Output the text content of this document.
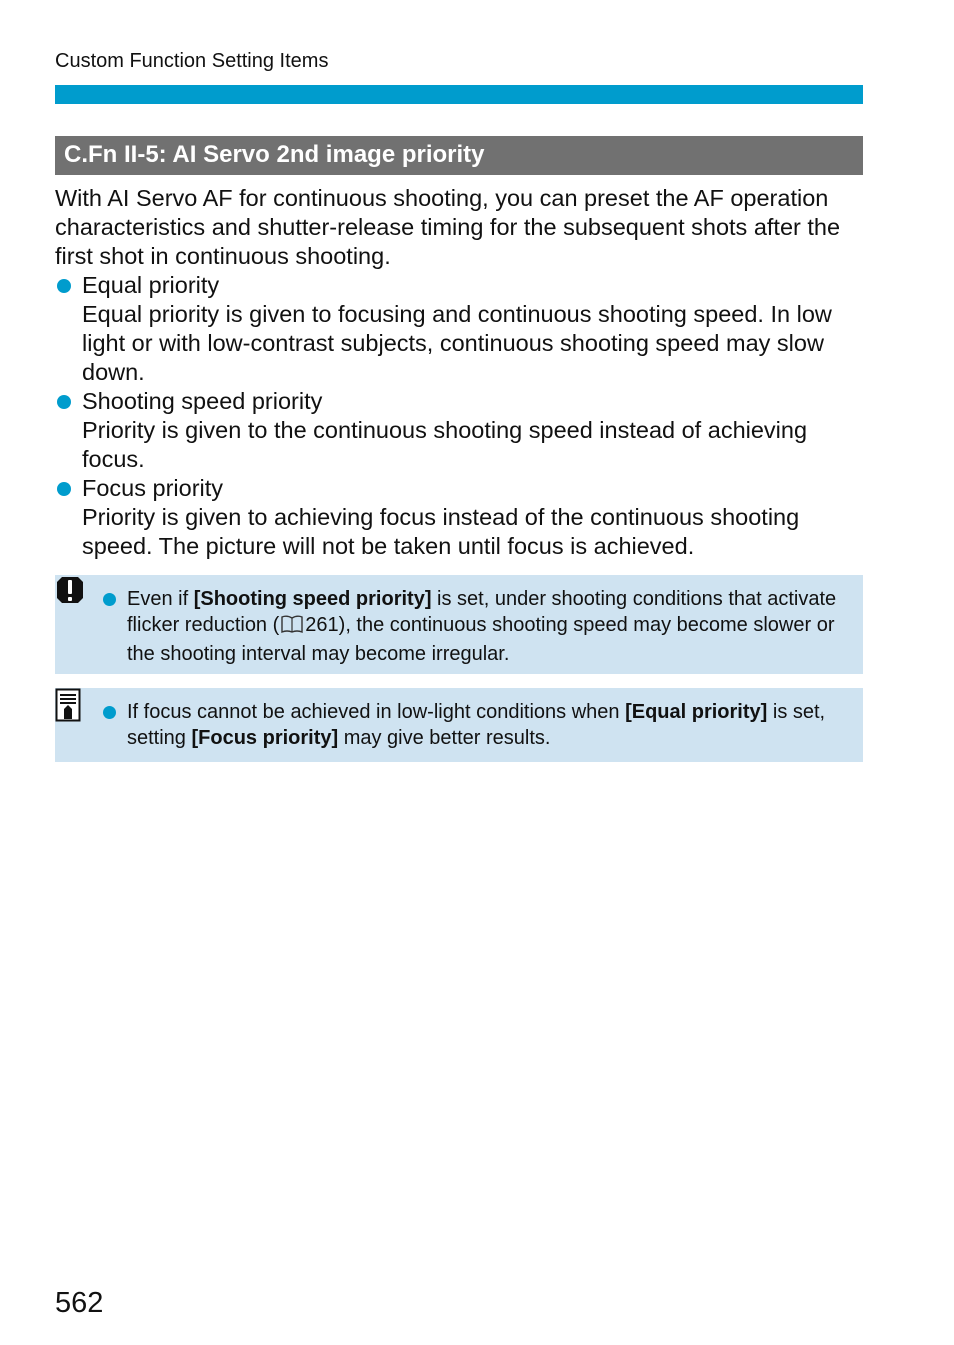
Custom Function Setting Items
C.Fn II-5: AI Servo 2nd image priority

With AI Servo AF for continuous shooting, you can preset the AF operation characteristics and shutter-release timing for the subsequent shots after the first shot in continuous shooting.

Equal priority
Equal priority is given to focusing and continuous shooting speed. In low light or with low-contrast subjects, continuous shooting speed may slow down.
Shooting speed priority
Priority is given to the continuous shooting speed instead of achieving focus.
Focus priority
Priority is given to achieving focus instead of the continuous shooting speed. The picture will not be taken until focus is achieved.
Even if [Shooting speed priority] is set, under shooting conditions that activate flicker reduction ( 261), the continuous shooting speed may become slower or the shooting interval may become irregular.
If focus cannot be achieved in low-light conditions when [Equal priority] is set, setting [Focus priority] may give better results.
562
